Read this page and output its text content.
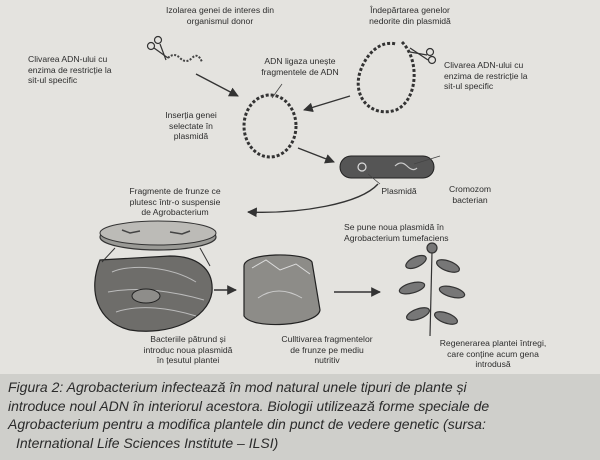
Izolarea genei de interes din
organismul donor
Îndepărtarea genelor
nedorite din plasmidă
Clivarea ADN-ului cu
enzima de restricție la
sit-ul specific
ADN ligaza unește
fragmentele de ADN
Clivarea ADN-ului cu
enzima de restricție la
sit-ul specific
Inserția genei
selectate în
plasmidă
Plasmidă	Cromozom
bacterian
Fragmente de frunze ce
plutesc într-o suspensie
de Agrobacterium
Se pune noua plasmidă în
Agrobacterium tumefaciens
Bacteriile pătrund și
introduc noua plasmidă
în țesutul plantei
Culltivarea fragmentelor
de frunze pe mediu
nutritiv
Regenerarea plantei întregi,
care conține acum gena
introdusă
Figura 2: Agrobacterium infectează în mod natural unele tipuri de plante și
introduce noul ADN în interiorul acestora. Biologii utilizează forme speciale de
Agrobacterium pentru a modifica plantele din punct de vedere genetic (sursa:
International Life Sciences Institute – ILSI)
